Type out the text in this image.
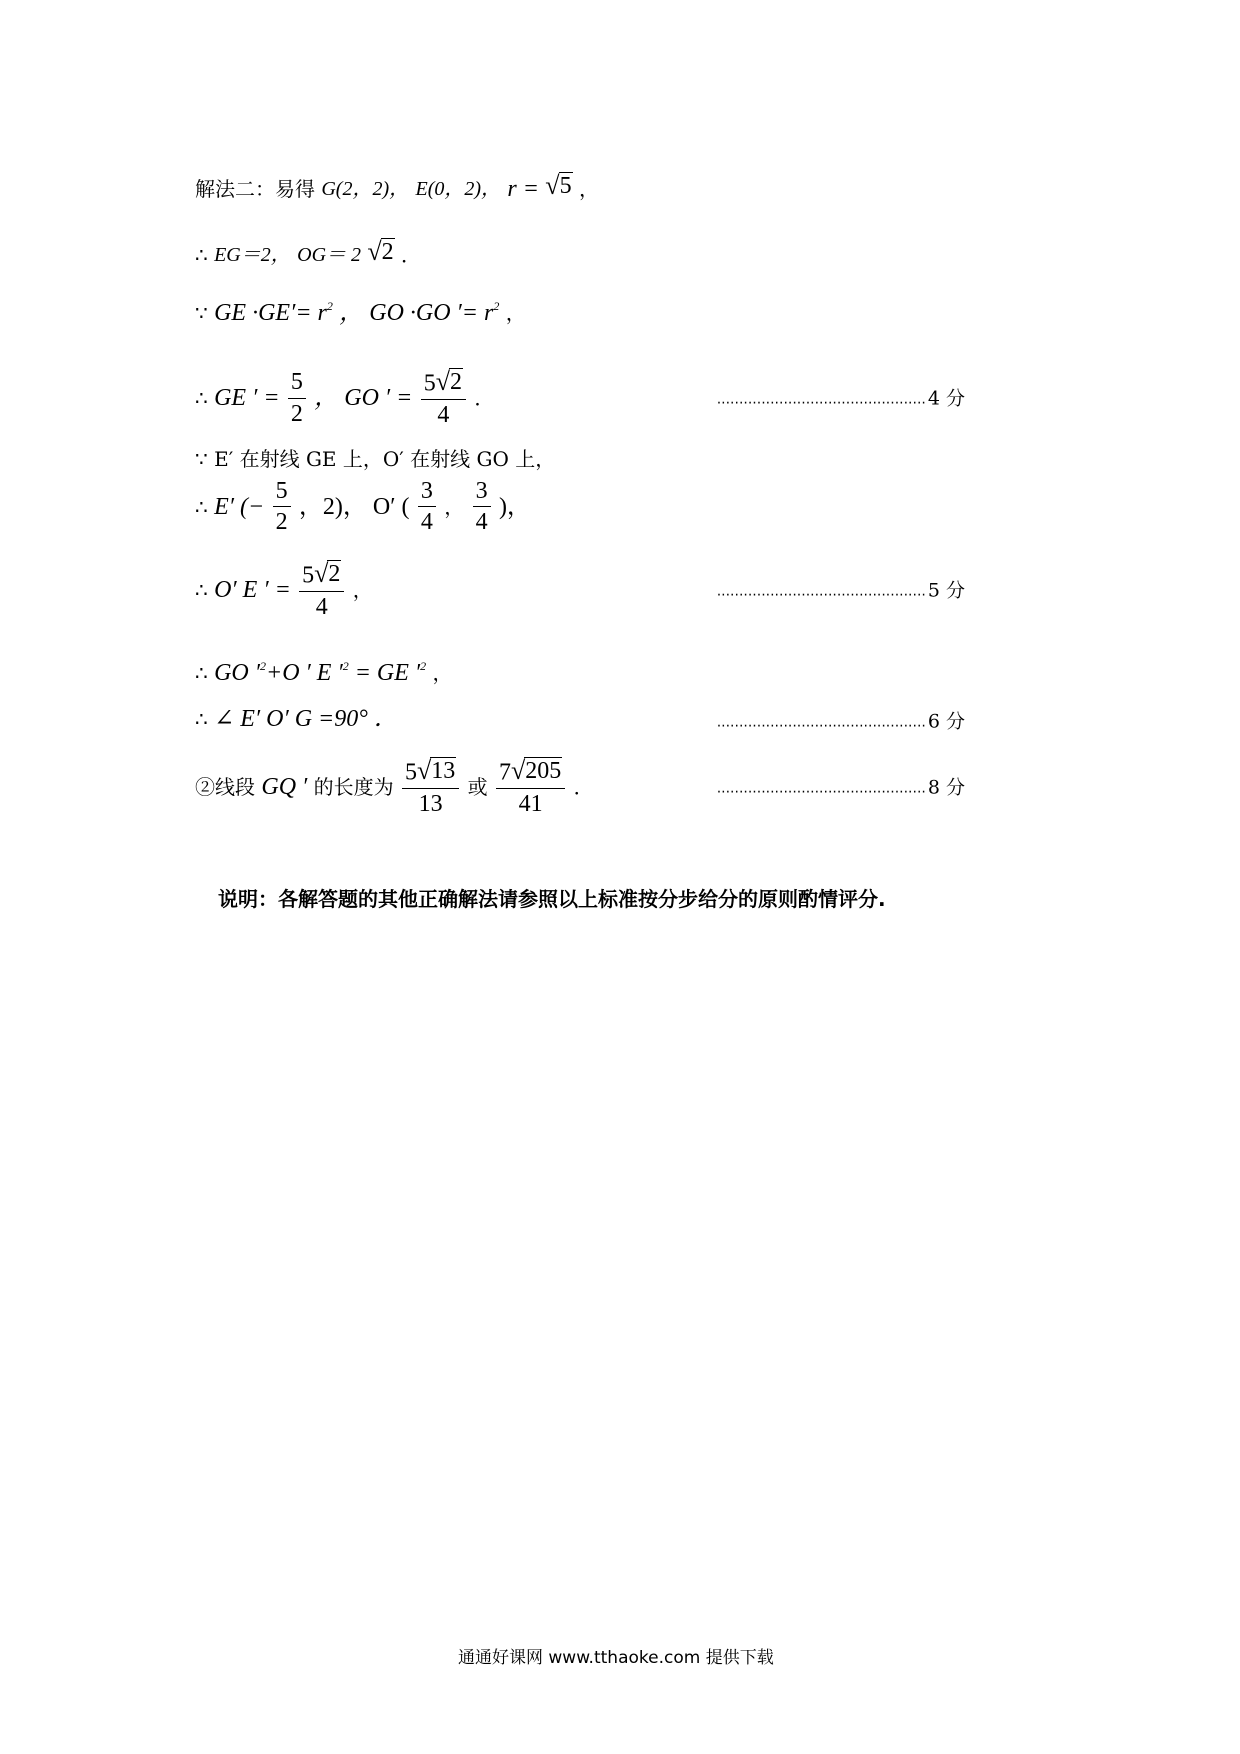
解法二：易得 G(2，2)， E(0，2)， r = √ 5 ，
∴ EG＝2， OG＝ 2 √ 2 ．
∵ GE $\cdot GE'= r^2$ ， GO ·GO ′= $r^2$ ，
∴ GE ′ = $\frac{5}{2}$ ， GO ′ = $\frac{5 √ 2}{4}$ ．	............................................... 4 分
∵ E′ 在射线 GE 上，O′ 在射线 GO 上，
∴ E′ (− $\frac{5}{2}$ ，2)， O′ ( $\frac{3}{4}$ ， $\frac{3}{4}$ )，
∴ O′ E ′ = $\frac{5 √ 2}{4}$ ，	............................................... 5 分
∴ GO $'^2+O$ ′ E $'^2$ = GE $'^2$ ，
∴ ∠ E′ O′ G =90° ．	............................................... 6 分
②线段 GQ ′ 的长度为 $\frac{5 √ 13}{13}$ 或 $\frac{7 √ 205}{41}$ ．	............................................... 8 分
说明：各解答题的其他正确解法请参照以上标准按分步给分的原则酌情评分.
通通好课网 www.tthaoke.com 提供下载
